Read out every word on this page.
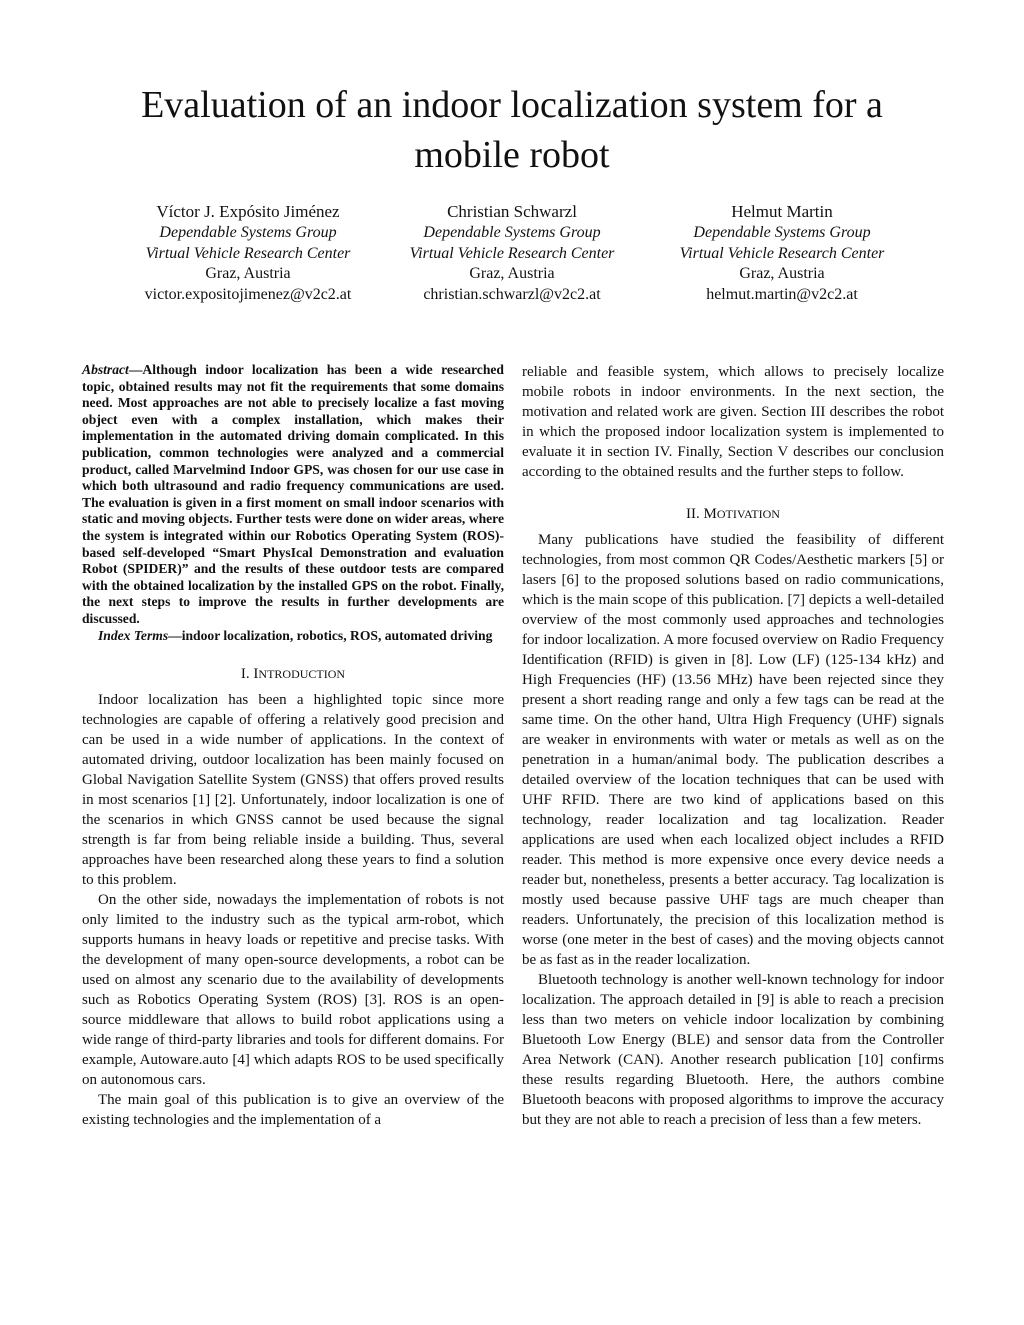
Evaluation of an indoor localization system for a
mobile robot
Víctor J. Expósito Jiménez
Dependable Systems Group
Virtual Vehicle Research Center
Graz, Austria
victor.expositojimenez@v2c2.at
Christian Schwarzl
Dependable Systems Group
Virtual Vehicle Research Center
Graz, Austria
christian.schwarzl@v2c2.at
Helmut Martin
Dependable Systems Group
Virtual Vehicle Research Center
Graz, Austria
helmut.martin@v2c2.at

Abstract—Although indoor localization has been a wide researched topic, obtained results may not fit the requirements that some domains need. Most approaches are not able to precisely localize a fast moving object even with a complex installation, which makes their implementation in the automated driving domain complicated. In this publication, common technologies were analyzed and a commercial product, called Marvelmind Indoor GPS, was chosen for our use case in which both ultrasound and radio frequency communications are used. The evaluation is given in a first moment on small indoor scenarios with static and moving objects. Further tests were done on wider areas, where the system is integrated within our Robotics Operating System (ROS)-based self-developed “Smart PhysIcal Demonstration and evaluation Robot (SPIDER)” and the results of these outdoor tests are compared with the obtained localization by the installed GPS on the robot. Finally, the next steps to improve the results in further developments are discussed.

Index Terms—indoor localization, robotics, ROS, automated driving

I. INTRODUCTION

Indoor localization has been a highlighted topic since more technologies are capable of offering a relatively good precision and can be used in a wide number of applications. In the context of automated driving, outdoor localization has been mainly focused on Global Navigation Satellite System (GNSS) that offers proved results in most scenarios [1] [2]. Unfortunately, indoor localization is one of the scenarios in which GNSS cannot be used because the signal strength is far from being reliable inside a building. Thus, several approaches have been researched along these years to find a solution to this problem.

On the other side, nowadays the implementation of robots is not only limited to the industry such as the typical arm-robot, which supports humans in heavy loads or repetitive and precise tasks. With the development of many open-source developments, a robot can be used on almost any scenario due to the availability of developments such as Robotics Operating System (ROS) [3]. ROS is an open-source middleware that allows to build robot applications using a wide range of third-party libraries and tools for different domains. For example, Autoware.auto [4] which adapts ROS to be used specifically on autonomous cars.

The main goal of this publication is to give an overview of the existing technologies and the implementation of a

reliable and feasible system, which allows to precisely localize mobile robots in indoor environments. In the next section, the motivation and related work are given. Section III describes the robot in which the proposed indoor localization system is implemented to evaluate it in section IV. Finally, Section V describes our conclusion according to the obtained results and the further steps to follow.

II. MOTIVATION

Many publications have studied the feasibility of different technologies, from most common QR Codes/Aesthetic markers [5] or lasers [6] to the proposed solutions based on radio communications, which is the main scope of this publication. [7] depicts a well-detailed overview of the most commonly used approaches and technologies for indoor localization. A more focused overview on Radio Frequency Identification (RFID) is given in [8]. Low (LF) (125-134 kHz) and High Frequencies (HF) (13.56 MHz) have been rejected since they present a short reading range and only a few tags can be read at the same time. On the other hand, Ultra High Frequency (UHF) signals are weaker in environments with water or metals as well as on the penetration in a human/animal body. The publication describes a detailed overview of the location techniques that can be used with UHF RFID. There are two kind of applications based on this technology, reader localization and tag localization. Reader applications are used when each localized object includes a RFID reader. This method is more expensive once every device needs a reader but, nonetheless, presents a better accuracy. Tag localization is mostly used because passive UHF tags are much cheaper than readers. Unfortunately, the precision of this localization method is worse (one meter in the best of cases) and the moving objects cannot be as fast as in the reader localization.

Bluetooth technology is another well-known technology for indoor localization. The approach detailed in [9] is able to reach a precision less than two meters on vehicle indoor localization by combining Bluetooth Low Energy (BLE) and sensor data from the Controller Area Network (CAN). Another research publication [10] confirms these results regarding Bluetooth. Here, the authors combine Bluetooth beacons with proposed algorithms to improve the accuracy but they are not able to reach a precision of less than a few meters.
